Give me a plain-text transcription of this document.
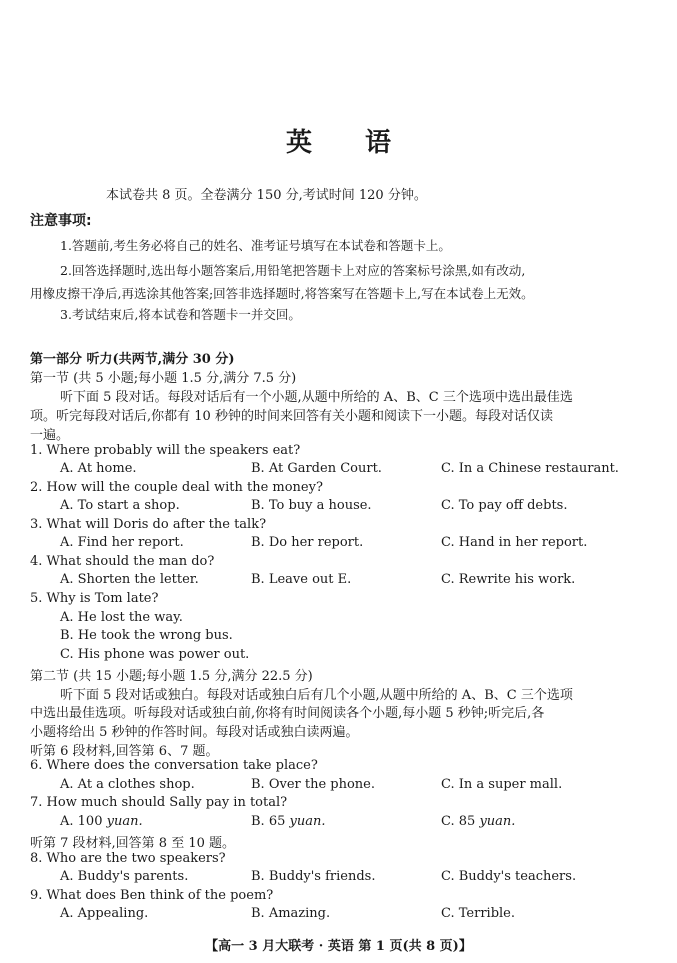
英 语
本试卷共 8 页。全卷满分 150 分,考试时间 120 分钟。
注意事项:
1.答题前,考生务必将自己的姓名、准考证号填写在本试卷和答题卡上。
2.回答选择题时,选出每小题答案后,用铅笔把答题卡上对应的答案标号涂黑,如有改动,
用橡皮擦干净后,再选涂其他答案;回答非选择题时,将答案写在答题卡上,写在本试卷上无效。
3.考试结束后,将本试卷和答题卡一并交回。
第一部分 听力(共两节,满分 30 分)
第一节 (共 5 小题;每小题 1.5 分,满分 7.5 分)
听下面 5 段对话。每段对话后有一个小题,从题中所给的 A、B、C 三个选项中选出最佳选
项。听完每段对话后,你都有 10 秒钟的时间来回答有关小题和阅读下一小题。每段对话仅读
一遍。
1. Where probably will the speakers eat?
A. At home.	B. At Garden Court.	C. In a Chinese restaurant.
2. How will the couple deal with the money?
A. To start a shop.	B. To buy a house.	C. To pay off debts.
3. What will Doris do after the talk?
A. Find her report.	B. Do her report.	C. Hand in her report.
4. What should the man do?
A. Shorten the letter.	B. Leave out E.	C. Rewrite his work.
5. Why is Tom late?
A. He lost the way.
B. He took the wrong bus.
C. His phone was power out.
第二节 (共 15 小题;每小题 1.5 分,满分 22.5 分)
听下面 5 段对话或独白。每段对话或独白后有几个小题,从题中所给的 A、B、C 三个选项
中选出最佳选项。听每段对话或独白前,你将有时间阅读各个小题,每小题 5 秒钟;听完后,各
小题将给出 5 秒钟的作答时间。每段对话或独白读两遍。
听第 6 段材料,回答第 6、7 题。
6. Where does the conversation take place?
A. At a clothes shop.	B. Over the phone.	C. In a super mall.
7. How much should Sally pay in total?
A. 100 yuan.	B. 65 yuan.	C. 85 yuan.
听第 7 段材料,回答第 8 至 10 题。
8. Who are the two speakers?
A. Buddy's parents.	B. Buddy's friends.	C. Buddy's teachers.
9. What does Ben think of the poem?
A. Appealing.	B. Amazing.	C. Terrible.
【高一 3 月大联考 · 英语 第 1 页(共 8 页)】
